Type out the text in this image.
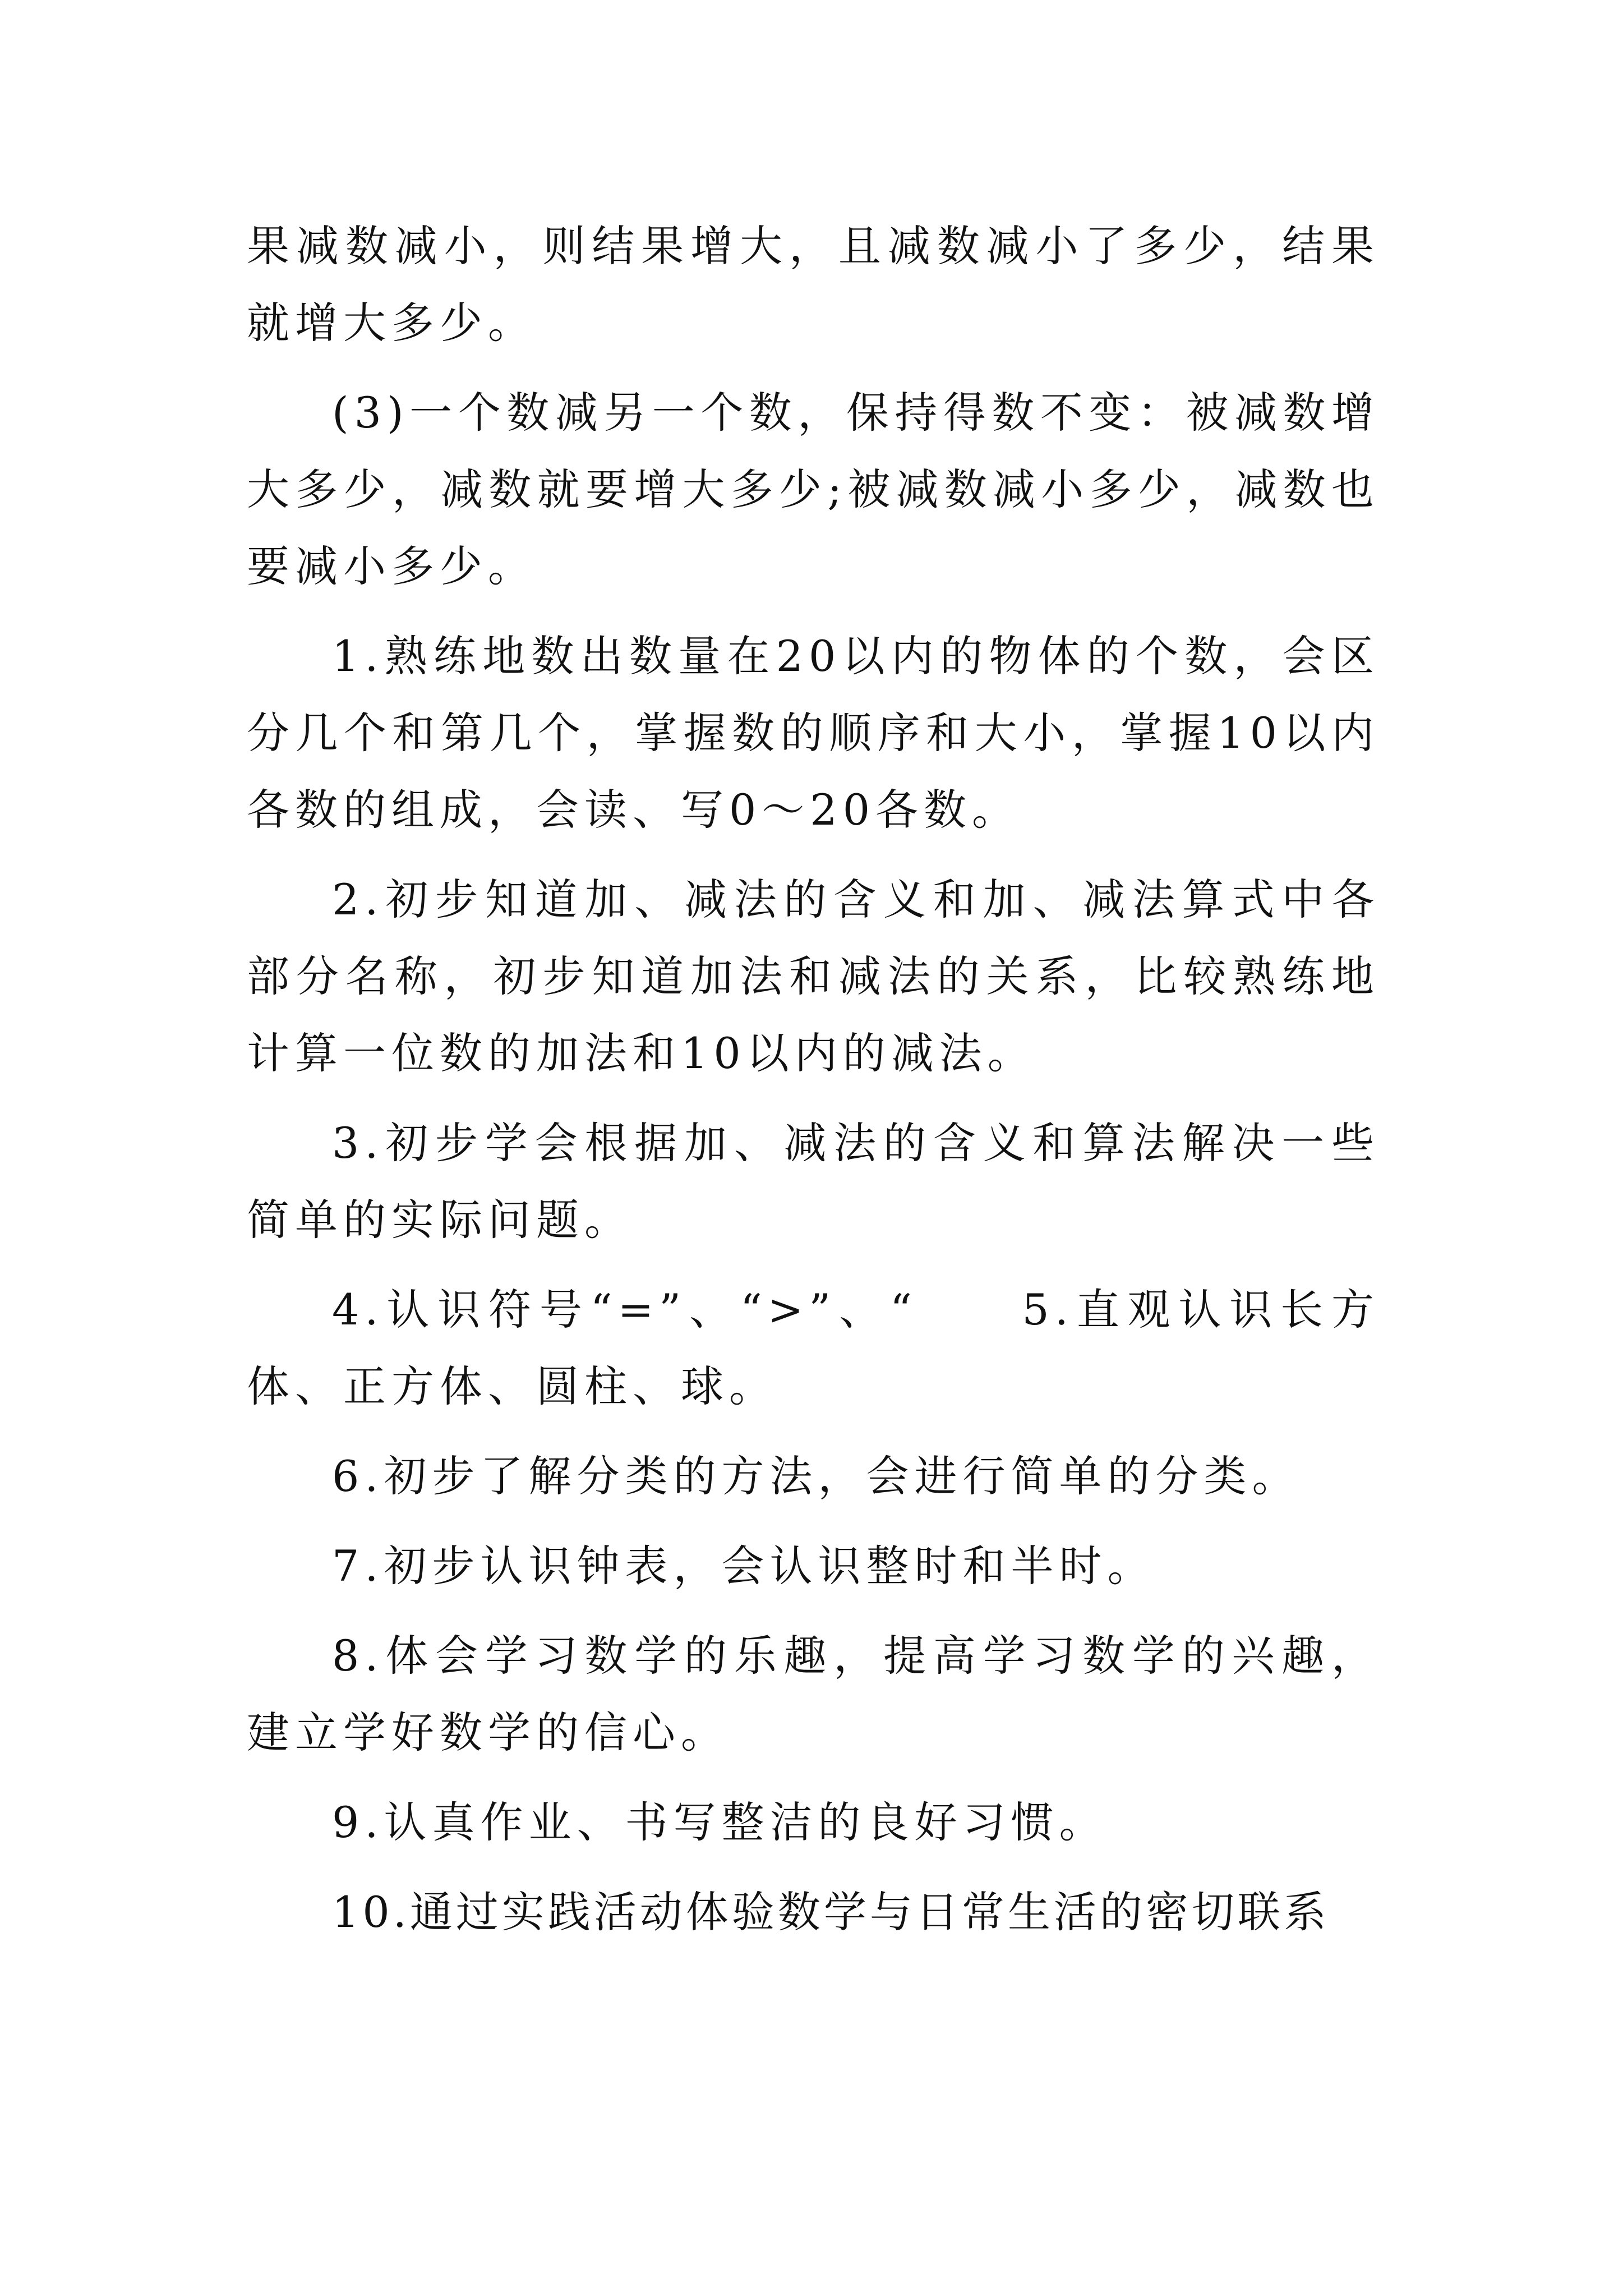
果减数减小，则结果增大，且减数减小了多少，结果就增大多少。

(3)一个数减另一个数，保持得数不变：被减数增大多少，减数就要增大多少;被减数减小多少，减数也要减小多少。

1.熟练地数出数量在20以内的物体的个数，会区分几个和第几个，掌握数的顺序和大小，掌握10以内各数的组成，会读、写0～20各数。

2.初步知道加、减法的含义和加、减法算式中各部分名称，初步知道加法和减法的关系，比较熟练地计算一位数的加法和10以内的减法。

3.初步学会根据加、减法的含义和算法解决一些简单的实际问题。

4.认识符号“=”、“>”、“　　5.直观认识长方体、正方体、圆柱、球。

6.初步了解分类的方法，会进行简单的分类。

7.初步认识钟表，会认识整时和半时。

8.体会学习数学的乐趣，提高学习数学的兴趣，建立学好数学的信心。

9.认真作业、书写整洁的良好习惯。

10.通过实践活动体验数学与日常生活的密切联系
